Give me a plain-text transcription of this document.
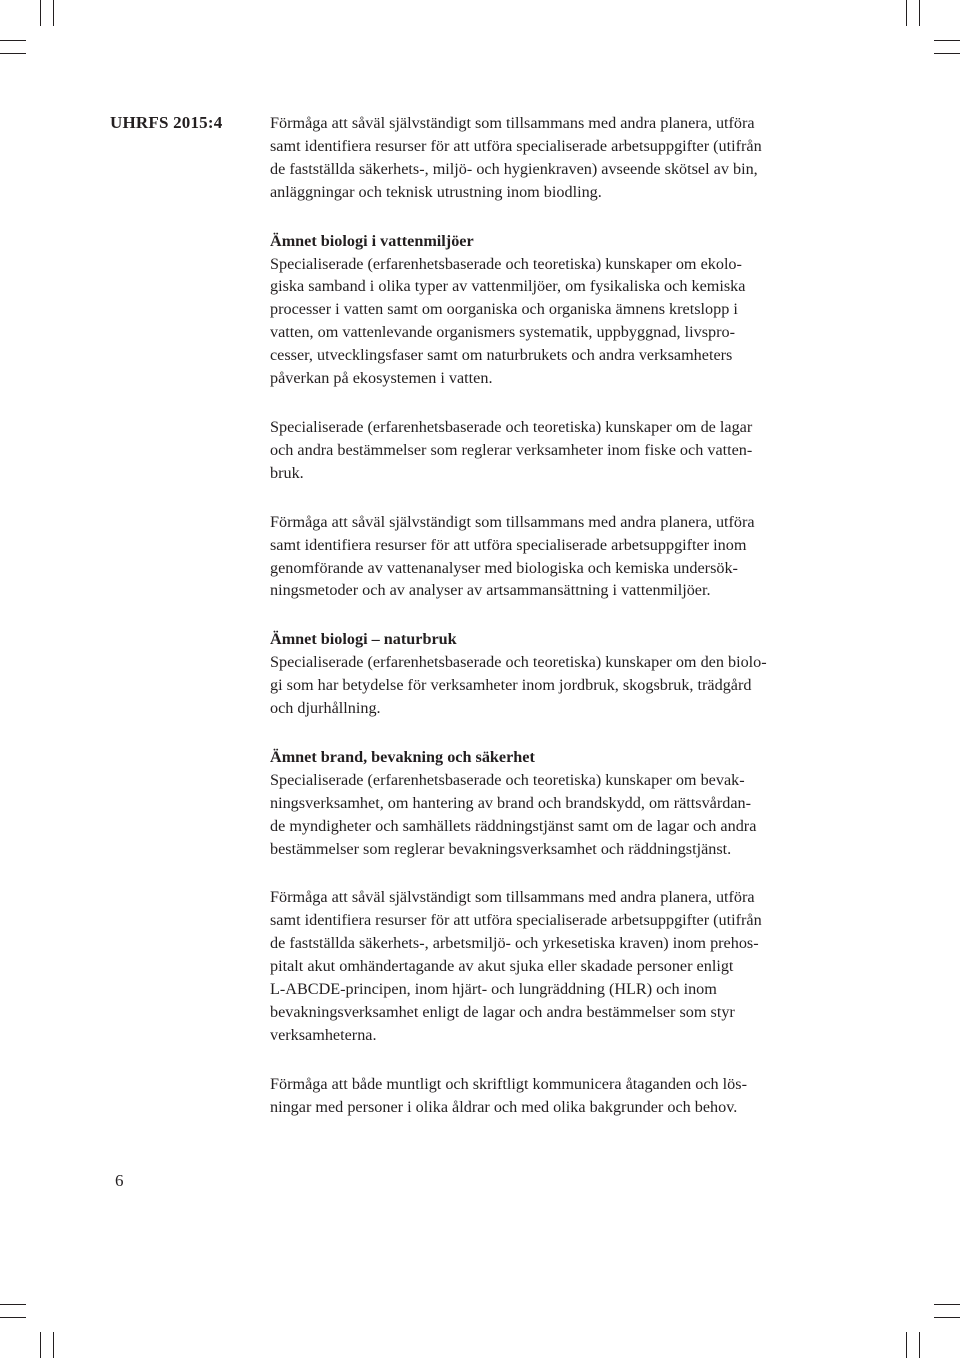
UHRFS 2015:4	Förmåga att såväl självständigt som tillsammans med andra planera, utföra
samt identifiera resurser för att utföra specialiserade arbetsuppgifter (utifrån
de fastställda säkerhets-, miljö- och hygienkraven) avseende skötsel av bin,
anläggningar och teknisk utrustning inom biodling.
Ämnet biologi i vattenmiljöer
Specialiserade (erfarenhetsbaserade och teoretiska) kunskaper om ekolo-
giska samband i olika typer av vattenmiljöer, om fysikaliska och kemiska
processer i vatten samt om oorganiska och organiska ämnens kretslopp i
vatten, om vattenlevande organismers systematik, uppbyggnad, livspro-
cesser, utvecklingsfaser samt om naturbrukets och andra verksamheters
påverkan på ekosystemen i vatten.
Specialiserade (erfarenhetsbaserade och teoretiska) kunskaper om de lagar
och andra bestämmelser som reglerar verksamheter inom fiske och vatten-
bruk.
Förmåga att såväl självständigt som tillsammans med andra planera, utföra
samt identifiera resurser för att utföra specialiserade arbetsuppgifter inom
genomförande av vattenanalyser med biologiska och kemiska undersök-
ningsmetoder och av analyser av artsammansättning i vattenmiljöer.
Ämnet biologi – naturbruk
Specialiserade (erfarenhetsbaserade och teoretiska) kunskaper om den biolo-
gi som har betydelse för verksamheter inom jordbruk, skogsbruk, trädgård
och djurhållning.
Ämnet brand, bevakning och säkerhet
Specialiserade (erfarenhetsbaserade och teoretiska) kunskaper om bevak-
ningsverksamhet, om hantering av brand och brandskydd, om rättsvårdan-
de myndigheter och samhällets räddningstjänst samt om de lagar och andra
bestämmelser som reglerar bevakningsverksamhet och räddningstjänst.
Förmåga att såväl självständigt som tillsammans med andra planera, utföra
samt identifiera resurser för att utföra specialiserade arbetsuppgifter (utifrån
de fastställda säkerhets-, arbetsmiljö- och yrkesetiska kraven) inom prehos-
pitalt akut omhändertagande av akut sjuka eller skadade personer enligt
L-ABCDE-principen, inom hjärt- och lungräddning (HLR) och inom
bevakningsverksamhet enligt de lagar och andra bestämmelser som styr
verksamheterna.
Förmåga att både muntligt och skriftligt kommunicera åtaganden och lös-
ningar med personer i olika åldrar och med olika bakgrunder och behov.
6
